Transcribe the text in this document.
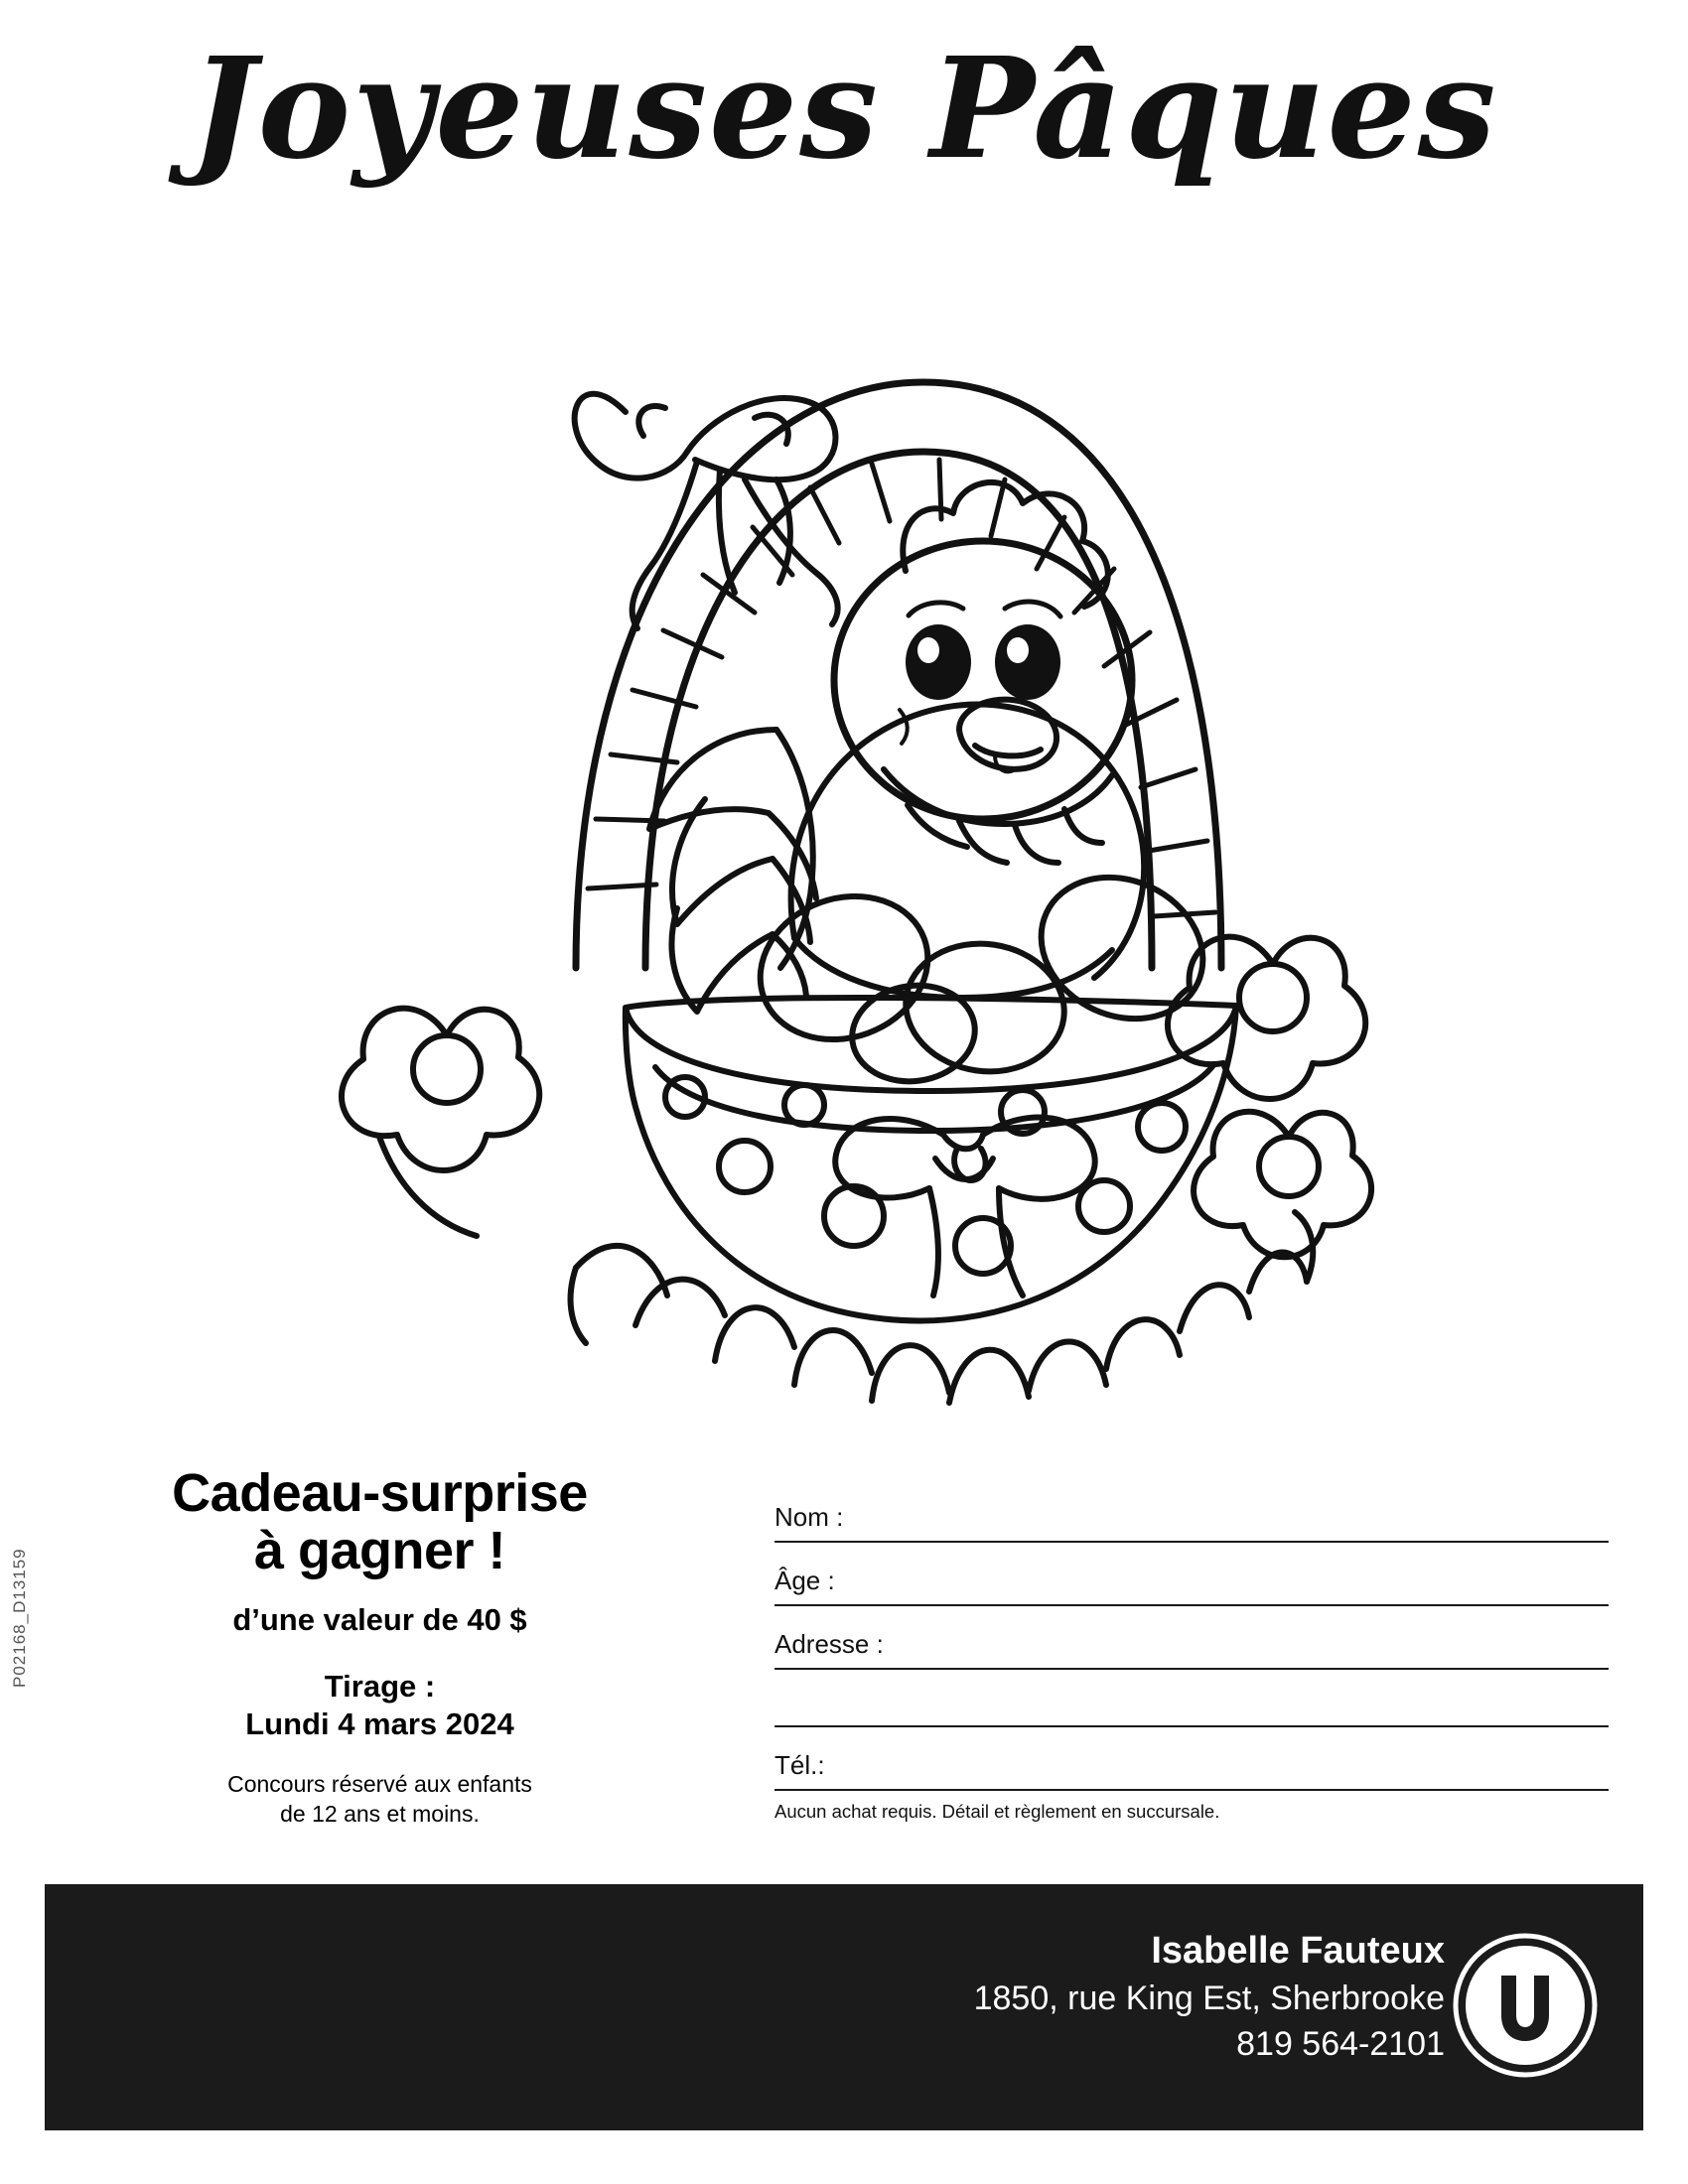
Joyeuses Pâques
Cadeau-surprise
à gagner !
d’une valeur de 40 $
Tirage :
Lundi 4 mars 2024
Concours réservé aux enfants
de 12 ans et moins.
P02168_D13159
Nom :
Âge :
Adresse :
Tél.:
Aucun achat requis. Détail et règlement en succursale.
Isabelle Fauteux
1850, rue King Est, Sherbrooke
819 564-2101
